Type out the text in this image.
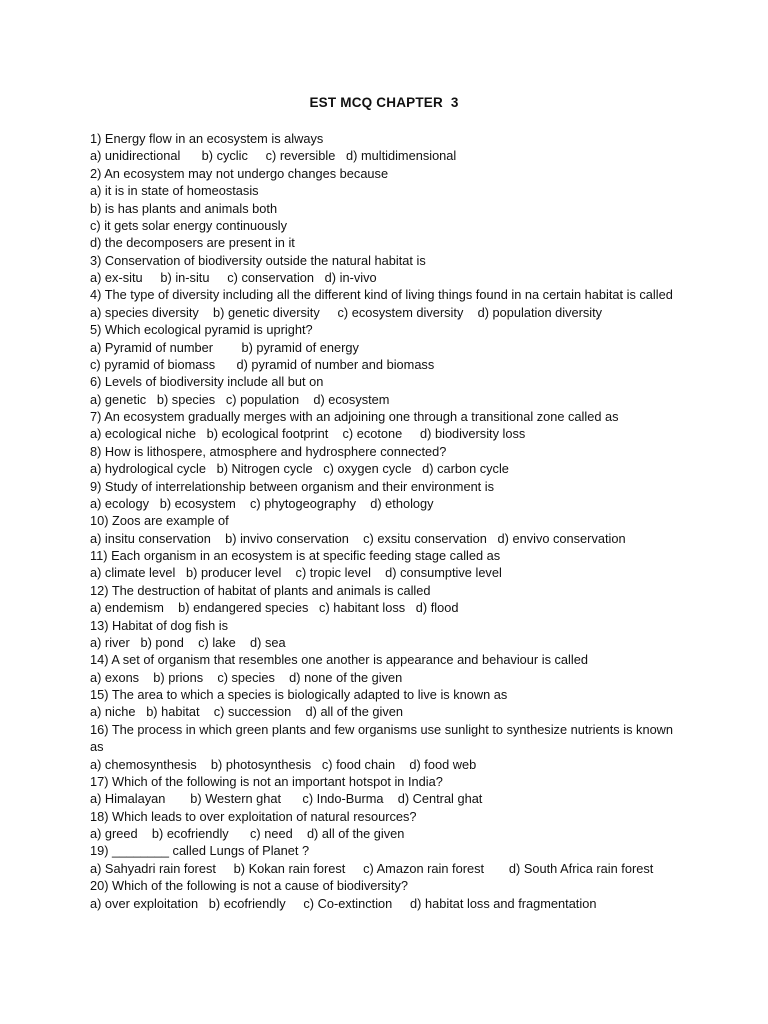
EST MCQ CHAPTER  3
1) Energy flow in an ecosystem is always
a) unidirectional      b) cyclic     c) reversible   d) multidimensional
2) An ecosystem may not undergo changes because
a) it is in state of homeostasis
b) is has plants and animals both
c) it gets solar energy continuously
d) the decomposers are present in it
3) Conservation of biodiversity outside the natural habitat is
a) ex-situ     b) in-situ     c) conservation   d) in-vivo
4) The type of diversity including all the different kind of living things found in na certain habitat is called
a) species diversity    b) genetic diversity     c) ecosystem diversity    d) population diversity
5) Which ecological pyramid is upright?
a) Pyramid of number        b) pyramid of energy
c) pyramid of biomass      d) pyramid of number and biomass
6) Levels of biodiversity include all but on
a) genetic   b) species   c) population    d) ecosystem
7) An ecosystem gradually merges with an adjoining one through a transitional zone called as
a) ecological niche   b) ecological footprint    c) ecotone     d) biodiversity loss
8) How is lithospere, atmosphere and hydrosphere connected?
a) hydrological cycle   b) Nitrogen cycle   c) oxygen cycle   d) carbon cycle
9) Study of interrelationship between organism and their environment is
a) ecology   b) ecosystem    c) phytogeography    d) ethology
10) Zoos are example of
a) insitu conservation    b) invivo conservation    c) exsitu conservation   d) envivo conservation
11) Each organism in an ecosystem is at specific feeding stage called as
a) climate level   b) producer level    c) tropic level    d) consumptive level
12) The destruction of habitat of plants and animals is called
a) endemism    b) endangered species   c) habitant loss   d) flood
13) Habitat of dog fish is
a) river   b) pond    c) lake    d) sea
14) A set of organism that resembles one another is appearance and behaviour is called
a) exons    b) prions    c) species    d) none of the given
15) The area to which a species is biologically adapted to live is known as
a) niche   b) habitat    c) succession    d) all of the given
16) The process in which green plants and few organisms use sunlight to synthesize nutrients is known
as
a) chemosynthesis    b) photosynthesis   c) food chain    d) food web
17) Which of the following is not an important hotspot in India?
a) Himalayan       b) Western ghat      c) Indo-Burma    d) Central ghat
18) Which leads to over exploitation of natural resources?
a) greed    b) ecofriendly      c) need    d) all of the given
19) ________ called Lungs of Planet ?
a) Sahyadri rain forest     b) Kokan rain forest     c) Amazon rain forest       d) South Africa rain forest
20) Which of the following is not a cause of biodiversity?
a) over exploitation   b) ecofriendly     c) Co-extinction     d) habitat loss and fragmentation
